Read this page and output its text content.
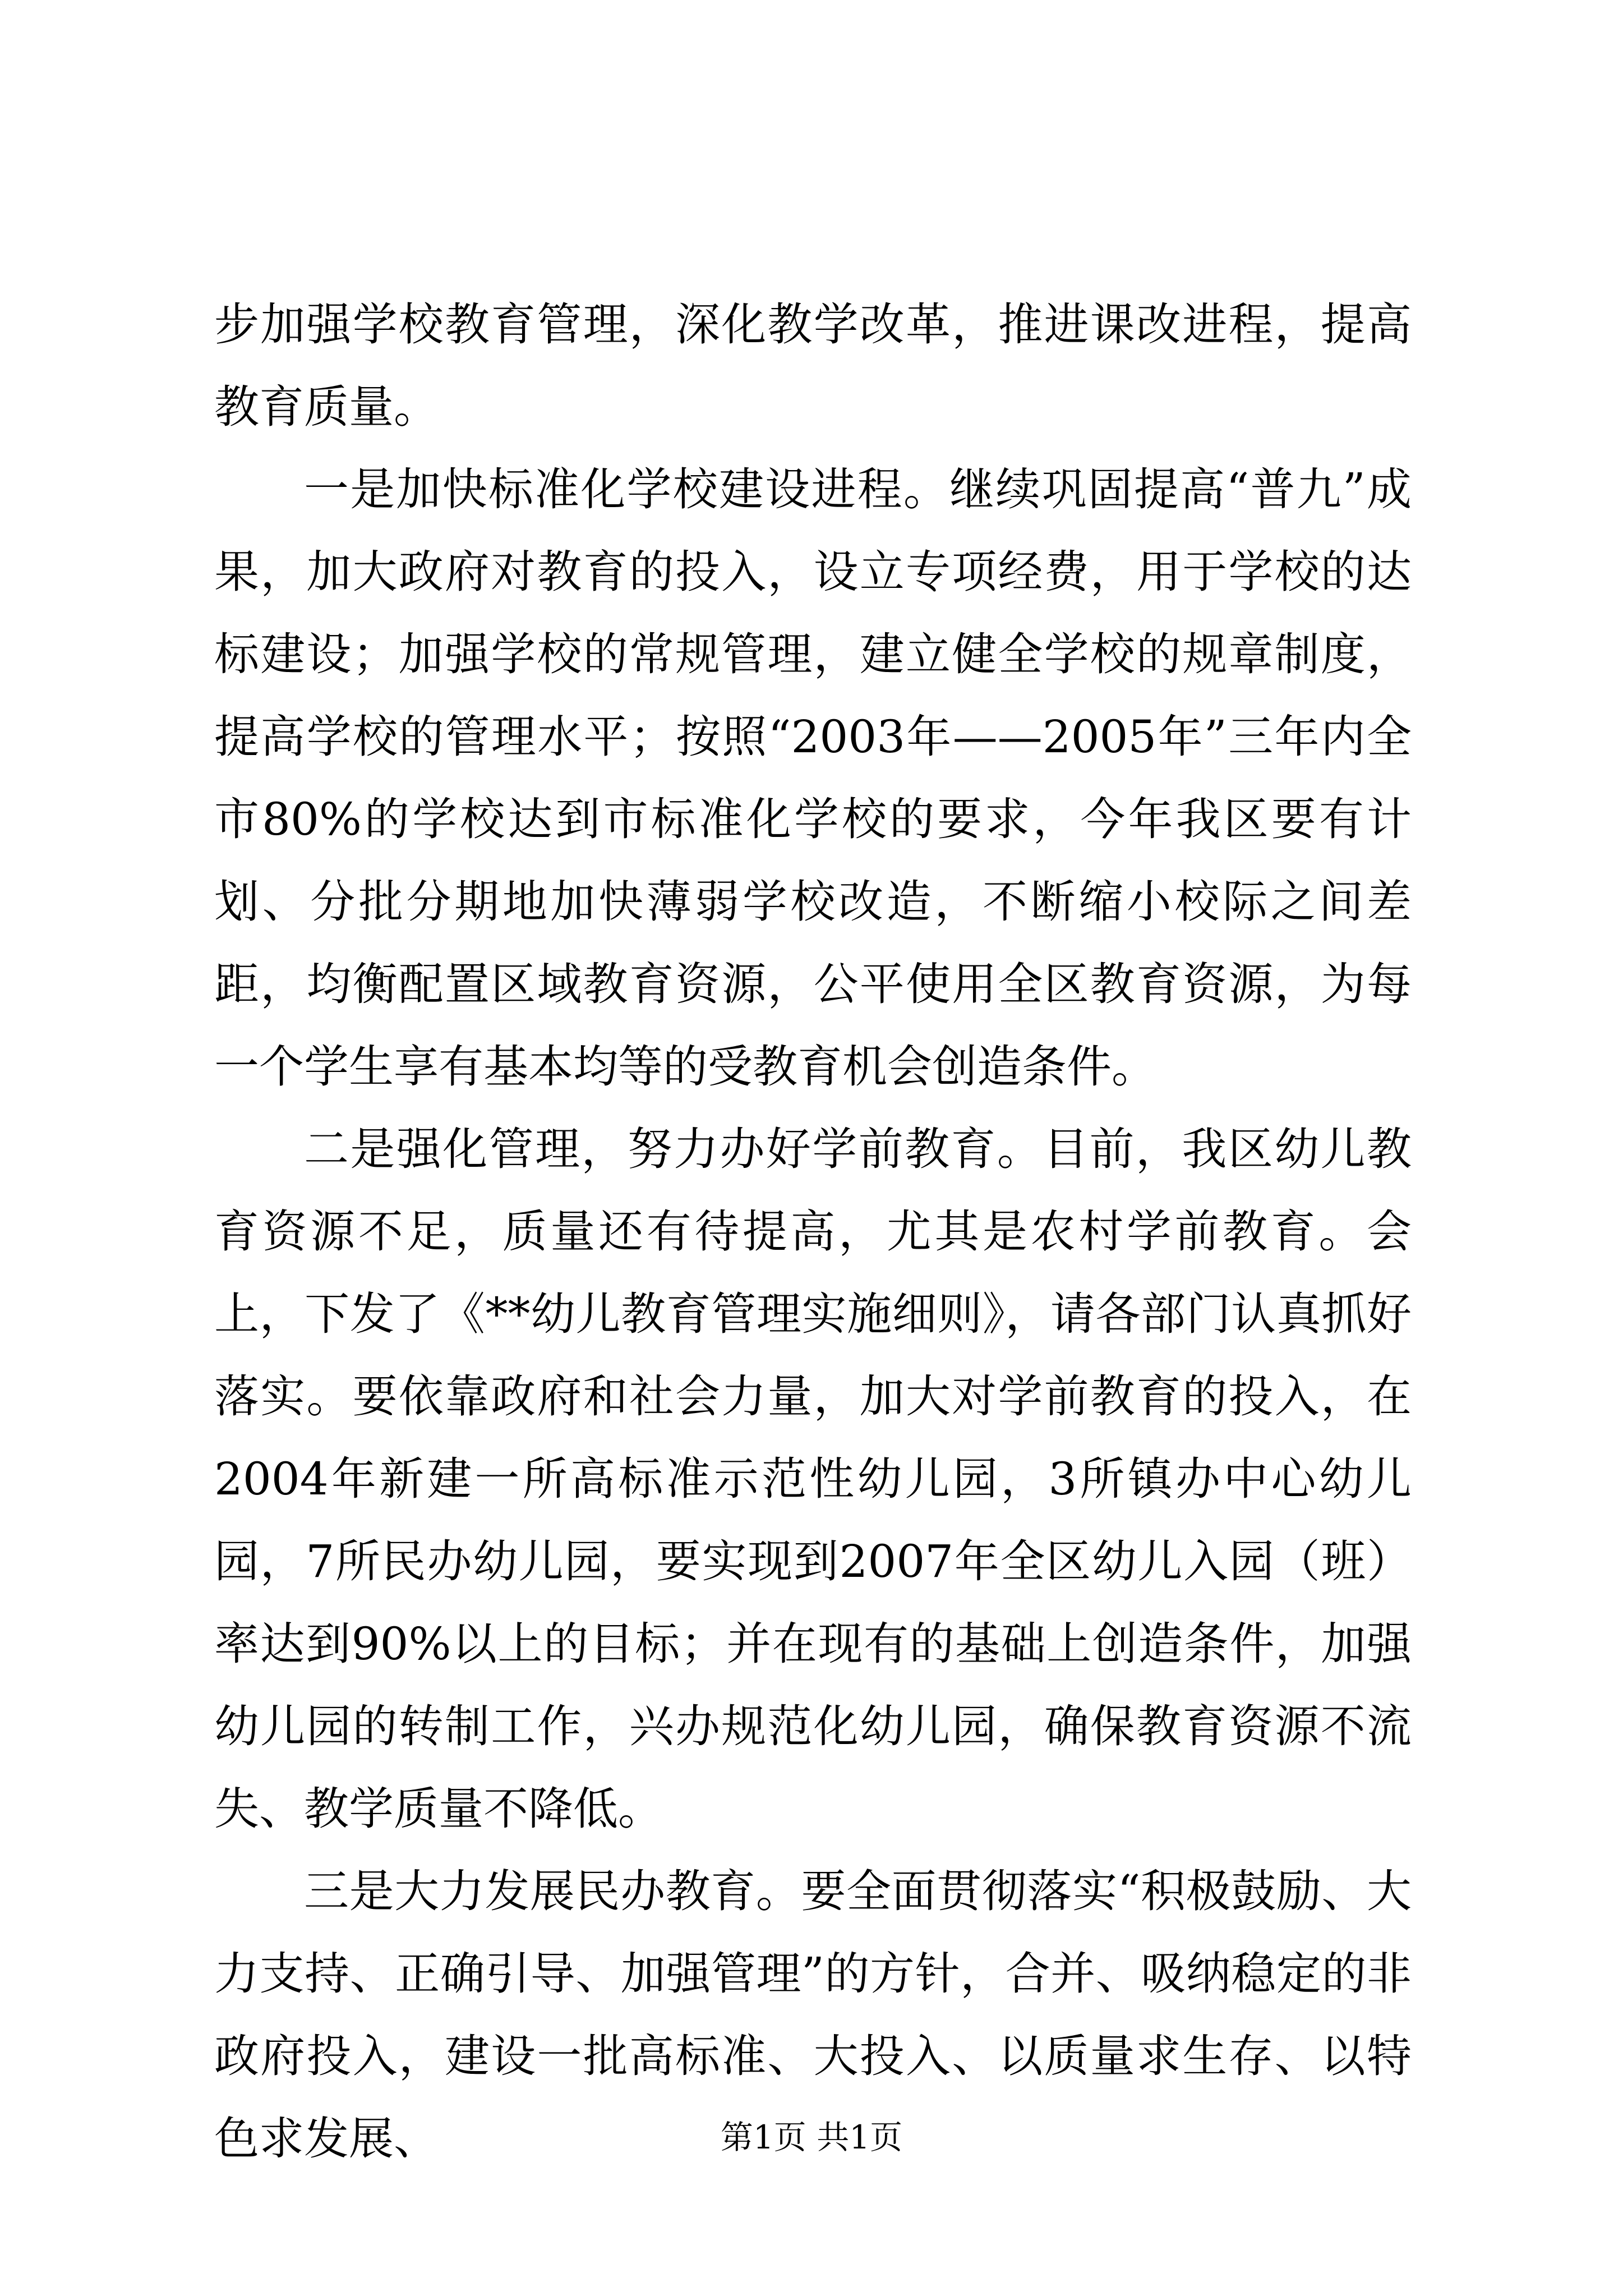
步加强学校教育管理，深化教学改革，推进课改进程，提高教育质量。

一是加快标准化学校建设进程。继续巩固提高“普九”成果，加大政府对教育的投入，设立专项经费，用于学校的达标建设；加强学校的常规管理，建立健全学校的规章制度，提高学校的管理水平；按照“2003年——2005年”三年内全市80%的学校达到市标准化学校的要求，今年我区要有计划、分批分期地加快薄弱学校改造，不断缩小校际之间差距，均衡配置区域教育资源，公平使用全区教育资源，为每一个学生享有基本均等的受教育机会创造条件。

二是强化管理，努力办好学前教育。目前，我区幼儿教育资源不足，质量还有待提高，尤其是农村学前教育。会上，下发了《**幼儿教育管理实施细则》，请各部门认真抓好落实。要依靠政府和社会力量，加大对学前教育的投入，在2004年新建一所高标准示范性幼儿园，3所镇办中心幼儿园，7所民办幼儿园，要实现到2007年全区幼儿入园（班）率达到90%以上的目标；并在现有的基础上创造条件，加强幼儿园的转制工作，兴办规范化幼儿园，确保教育资源不流失、教学质量不降低。

三是大力发展民办教育。要全面贯彻落实“积极鼓励、大力支持、正确引导、加强管理”的方针，合并、吸纳稳定的非政府投入，建设一批高标准、大投入、以质量求生存、以特色求发展、	第1页 共1页
